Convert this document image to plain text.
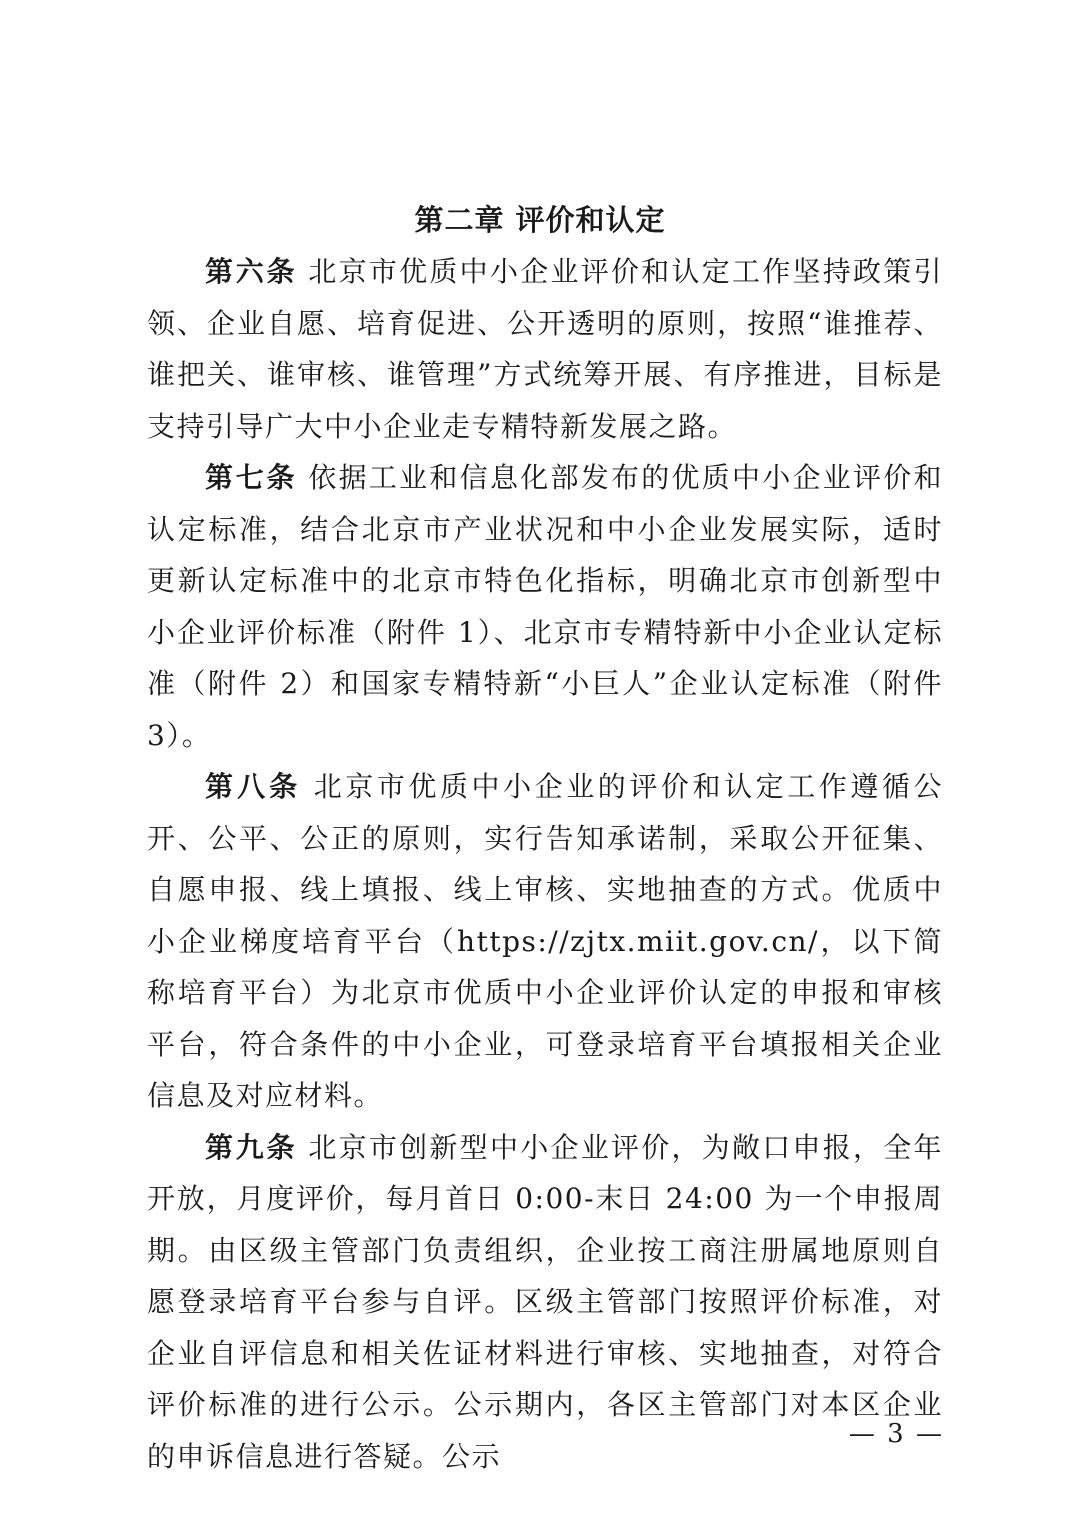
第二章 评价和认定

第六条 北京市优质中小企业评价和认定工作坚持政策引领、企业自愿、培育促进、公开透明的原则，按照“谁推荐、谁把关、谁审核、谁管理”方式统筹开展、有序推进，目标是支持引导广大中小企业走专精特新发展之路。

第七条 依据工业和信息化部发布的优质中小企业评价和认定标准，结合北京市产业状况和中小企业发展实际，适时更新认定标准中的北京市特色化指标，明确北京市创新型中小企业评价标准（附件 1）、北京市专精特新中小企业认定标准（附件 2）和国家专精特新“小巨人”企业认定标准（附件 3）。

第八条 北京市优质中小企业的评价和认定工作遵循公开、公平、公正的原则，实行告知承诺制，采取公开征集、自愿申报、线上填报、线上审核、实地抽查的方式。优质中小企业梯度培育平台（https://zjtx.miit.gov.cn/，以下简称培育平台）为北京市优质中小企业评价认定的申报和审核平台，符合条件的中小企业，可登录培育平台填报相关企业信息及对应材料。

第九条 北京市创新型中小企业评价，为敞口申报，全年开放，月度评价，每月首日 0:00-末日 24:00 为一个申报周期。由区级主管部门负责组织，企业按工商注册属地原则自愿登录培育平台参与自评。区级主管部门按照评价标准，对企业自评信息和相关佐证材料进行审核、实地抽查，对符合评价标准的进行公示。公示期内，各区主管部门对本区企业的申诉信息进行答疑。公示

— 3 —
